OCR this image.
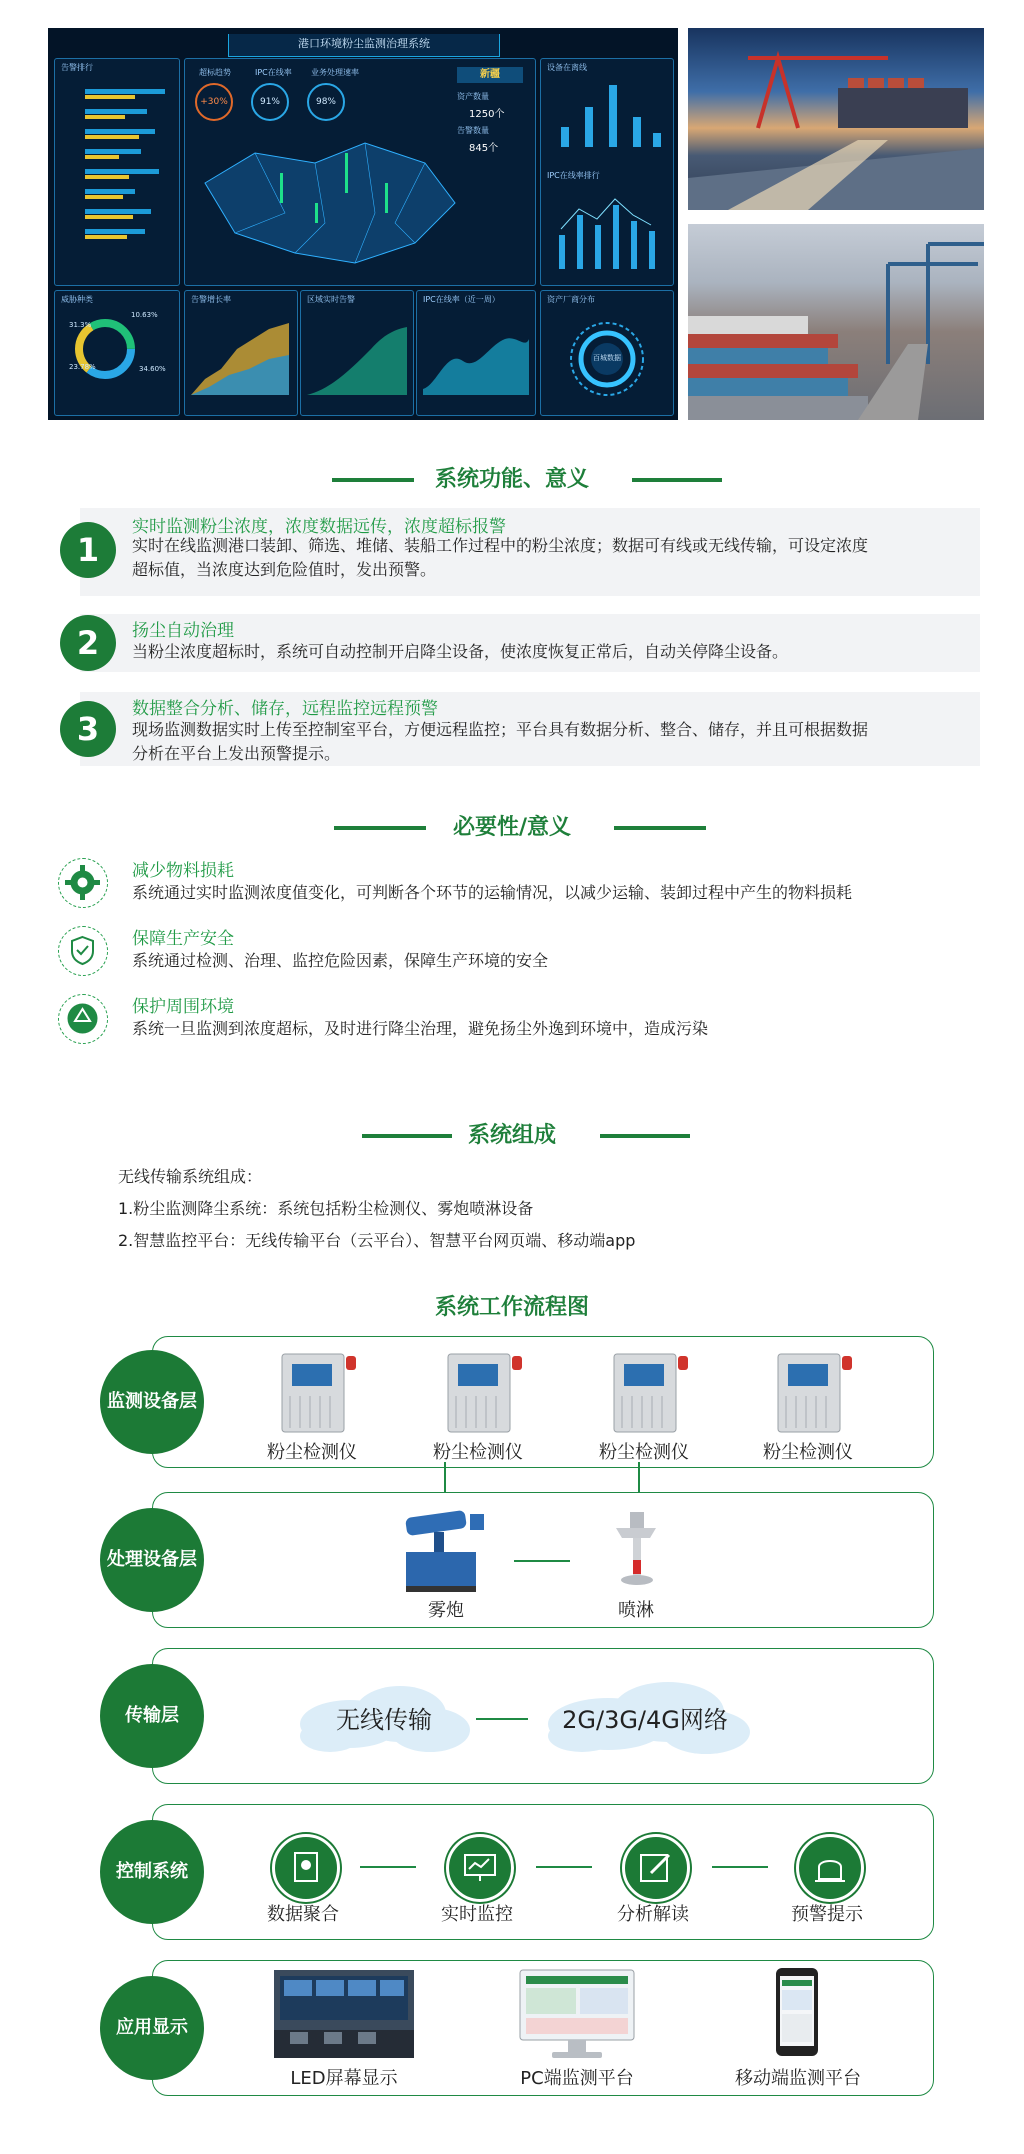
港口环境粉尘监测治理系统
告警排行
超标趋势	IPC在线率 业务处理速率
+30%	91%	98%
新疆
资产数量
1250个
告警数量
845个
设备在离线
IPC在线率排行
威胁种类
10.63%
23.78%	34.60%
31.3%
告警增长率	区域实时告警	IPC在线率（近一周）	资产厂商分布
百城数据
系统功能、意义
1
实时监测粉尘浓度，浓度数据远传，浓度超标报警
实时在线监测港口装卸、筛选、堆储、装船工作过程中的粉尘浓度；数据可有线或无线传输，可设定浓度
超标值，当浓度达到危险值时，发出预警。
2	扬尘自动治理
当粉尘浓度超标时，系统可自动控制开启降尘设备，使浓度恢复正常后，自动关停降尘设备。
3
数据整合分析、储存，远程监控远程预警
现场监测数据实时上传至控制室平台，方便远程监控；平台具有数据分析、整合、储存，并且可根据数据
分析在平台上发出预警提示。
必要性/意义
减少物料损耗
系统通过实时监测浓度值变化，可判断各个环节的运输情况，以减少运输、装卸过程中产生的物料损耗
保障生产安全
系统通过检测、治理、监控危险因素，保障生产环境的安全
保护周围环境
系统一旦监测到浓度超标，及时进行降尘治理，避免扬尘外逸到环境中，造成污染
系统组成
无线传输系统组成：
1.粉尘监测降尘系统：系统包括粉尘检测仪、雾炮喷淋设备
2.智慧监控平台：无线传输平台（云平台）、智慧平台网页端、移动端app
系统工作流程图
监测设备层
粉尘检测仪	粉尘检测仪	粉尘检测仪	粉尘检测仪
处理设备层
雾炮	喷淋
传输层	无线传输	2G/3G/4G网络
控制系统
数据聚合	实时监控	分析解读	预警提示
应用显示
LED屏幕显示	PC端监测平台	移动端监测平台
